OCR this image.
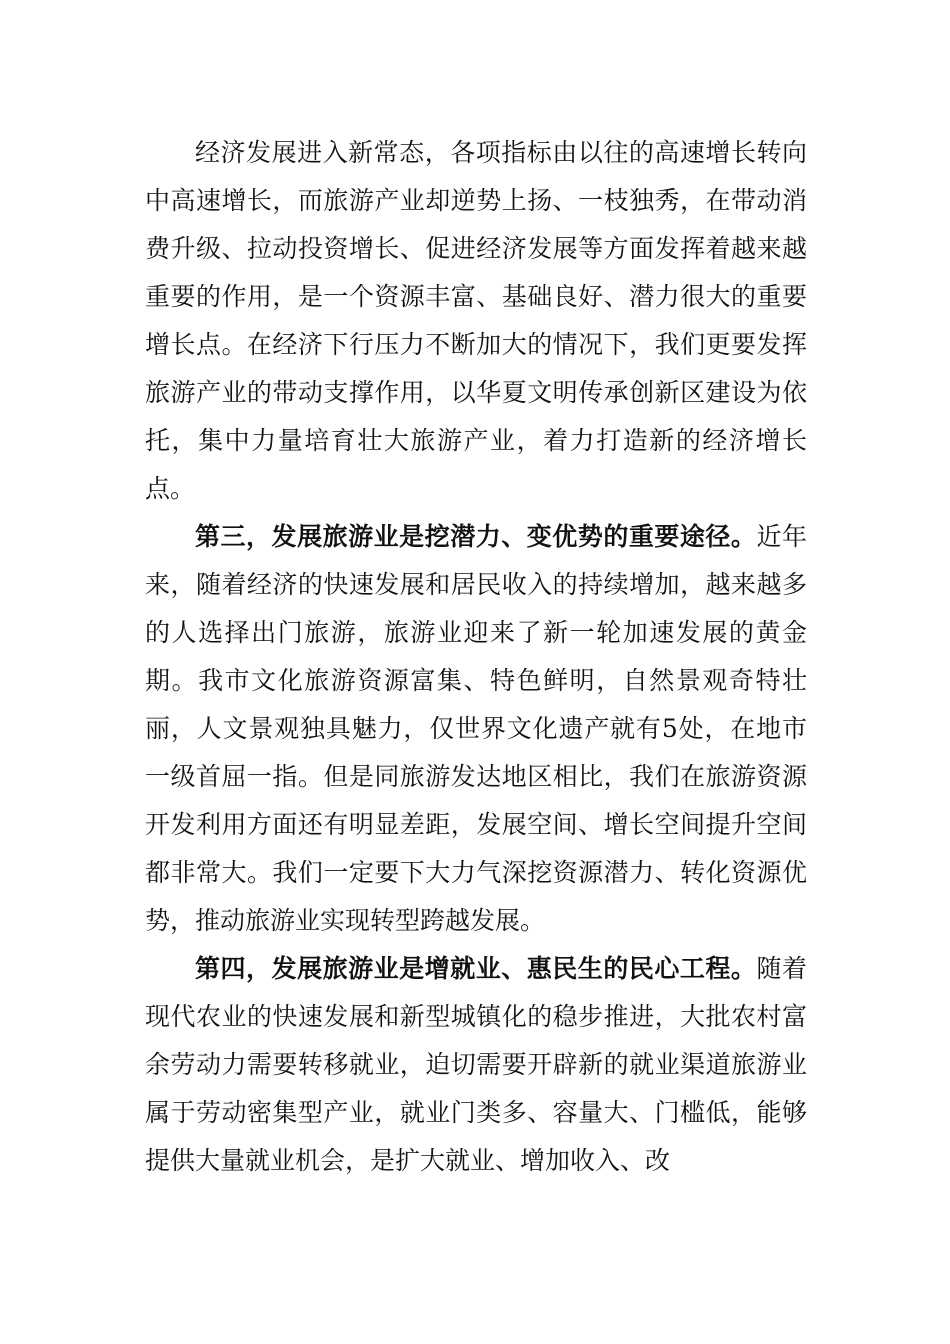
经济发展进入新常态，各项指标由以往的高速增长转向中高速增长，而旅游产业却逆势上扬、一枝独秀，在带动消费升级、拉动投资增长、促进经济发展等方面发挥着越来越重要的作用，是一个资源丰富、基础良好、潜力很大的重要增长点。在经济下行压力不断加大的情况下，我们更要发挥旅游产业的带动支撑作用，以华夏文明传承创新区建设为依托，集中力量培育壮大旅游产业，着力打造新的经济增长点。

第三，发展旅游业是挖潜力、变优势的重要途径。近年来，随着经济的快速发展和居民收入的持续增加，越来越多的人选择出门旅游，旅游业迎来了新一轮加速发展的黄金期。我市文化旅游资源富集、特色鲜明，自然景观奇特壮丽，人文景观独具魅力，仅世界文化遗产就有5处，在地市一级首屈一指。但是同旅游发达地区相比，我们在旅游资源开发利用方面还有明显差距，发展空间、增长空间提升空间都非常大。我们一定要下大力气深挖资源潜力、转化资源优势，推动旅游业实现转型跨越发展。

第四，发展旅游业是增就业、惠民生的民心工程。随着现代农业的快速发展和新型城镇化的稳步推进，大批农村富余劳动力需要转移就业，迫切需要开辟新的就业渠道旅游业属于劳动密集型产业，就业门类多、容量大、门槛低，能够提供大量就业机会，是扩大就业、增加收入、改
